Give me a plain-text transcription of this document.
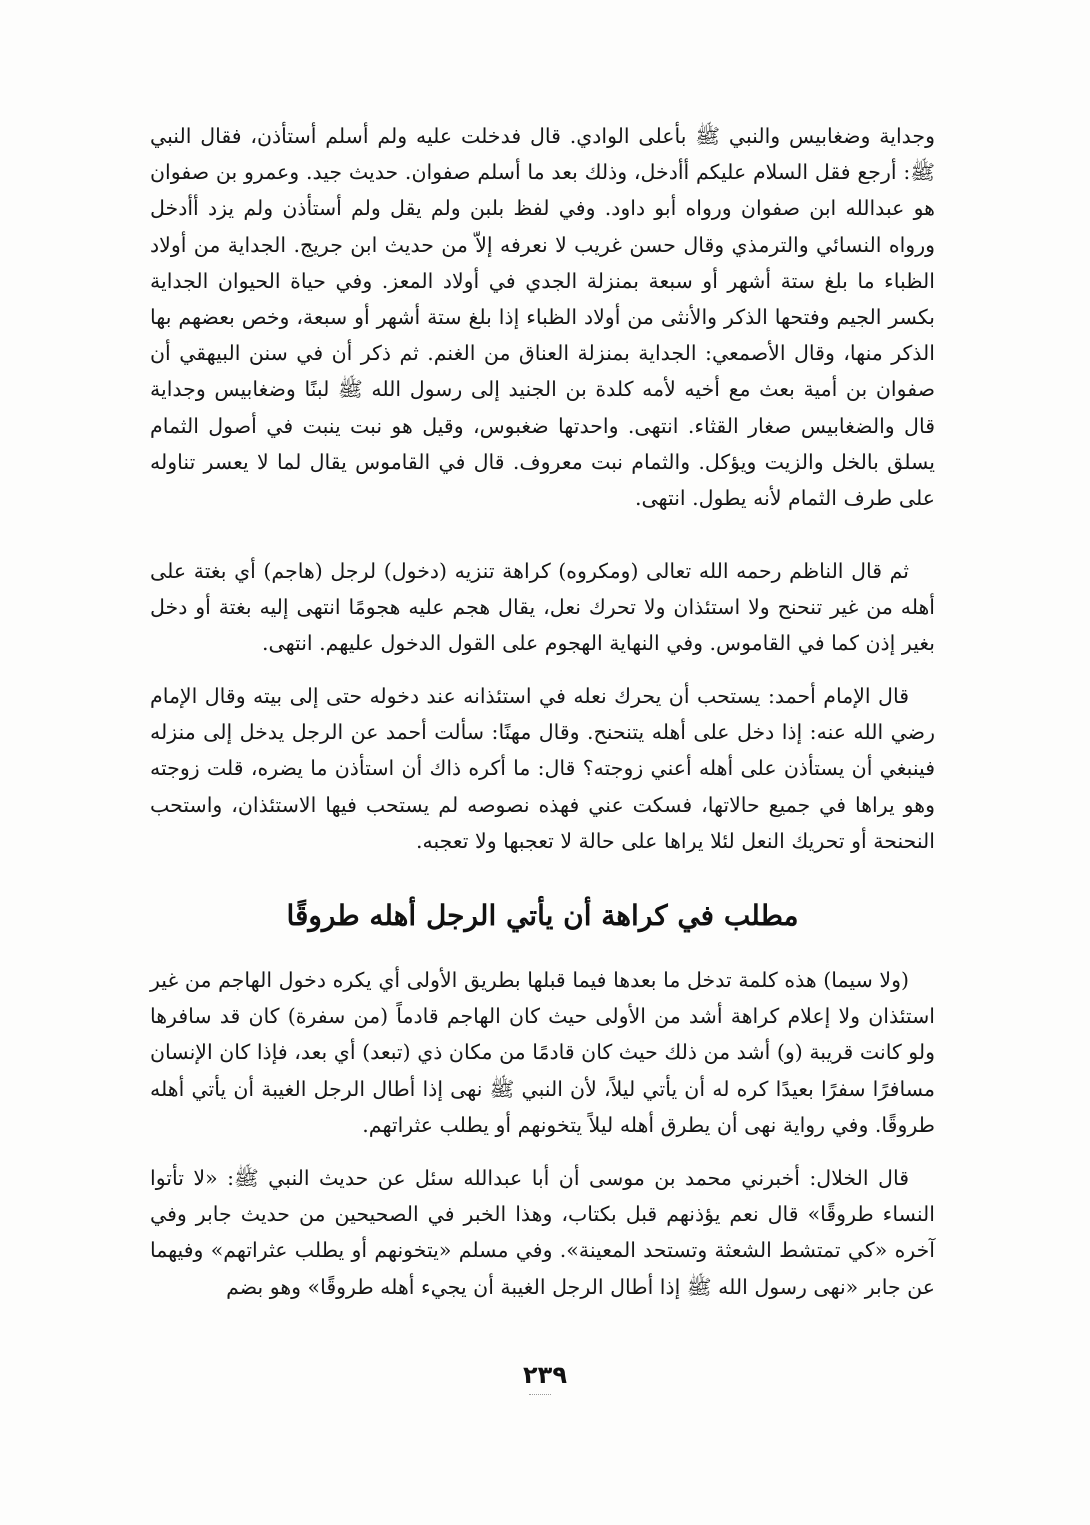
وجداية وضغابيس والنبي ﷺ بأعلى الوادي. قال فدخلت عليه ولم أسلم أستأذن، فقال النبي ﷺ: أرجع فقل السلام عليكم أأدخل، وذلك بعد ما أسلم صفوان. حديث جيد. وعمرو بن صفوان هو عبدالله ابن صفوان ورواه أبو داود. وفي لفظ بلبن ولم يقل ولم أستأذن ولم يزد أأدخل ورواه النسائي والترمذي وقال حسن غريب لا نعرفه إلاّ من حديث ابن جريج. الجداية من أولاد الظباء ما بلغ ستة أشهر أو سبعة بمنزلة الجدي في أولاد المعز. وفي حياة الحيوان الجداية بكسر الجيم وفتحها الذكر والأنثى من أولاد الظباء إذا بلغ ستة أشهر أو سبعة، وخص بعضهم بها الذكر منها، وقال الأصمعي: الجداية بمنزلة العناق من الغنم. ثم ذكر أن في سنن البيهقي أن صفوان بن أمية بعث مع أخيه لأمه كلدة بن الجنيد إلى رسول الله ﷺ لبنًا وضغابيس وجداية قال والضغابيس صغار القثاء. انتهى. واحدتها ضغبوس، وقيل هو نبت ينبت في أصول الثمام يسلق بالخل والزيت ويؤكل. والثمام نبت معروف. قال في القاموس يقال لما لا يعسر تناوله على طرف الثمام لأنه يطول. انتهى.

ثم قال الناظم رحمه الله تعالى (ومكروه) كراهة تنزيه (دخول) لرجل (هاجم) أي بغتة على أهله من غير تنحنح ولا استئذان ولا تحرك نعل، يقال هجم عليه هجومًا انتهى إليه بغتة أو دخل بغير إذن كما في القاموس. وفي النهاية الهجوم على القول الدخول عليهم. انتهى.

قال الإمام أحمد: يستحب أن يحرك نعله في استئذانه عند دخوله حتى إلى بيته وقال الإمام رضي الله عنه: إذا دخل على أهله يتنحنح. وقال مهنًا: سألت أحمد عن الرجل يدخل إلى منزله فينبغي أن يستأذن على أهله أعني زوجته؟ قال: ما أكره ذاك أن استأذن ما يضره، قلت زوجته وهو يراها في جميع حالاتها، فسكت عني فهذه نصوصه لم يستحب فيها الاستئذان، واستحب النحنحة أو تحريك النعل لئلا يراها على حالة لا تعجبها ولا تعجبه.

مطلب في كراهة أن يأتي الرجل أهله طروقًا

(ولا سيما) هذه كلمة تدخل ما بعدها فيما قبلها بطريق الأولى أي يكره دخول الهاجم من غير استئذان ولا إعلام كراهة أشد من الأولى حيث كان الهاجم قادماً (من سفرة) كان قد سافرها ولو كانت قريبة (و) أشد من ذلك حيث كان قادمًا من مكان ذي (تبعد) أي بعد، فإذا كان الإنسان مسافرًا سفرًا بعيدًا كره له أن يأتي ليلاً، لأن النبي ﷺ نهى إذا أطال الرجل الغيبة أن يأتي أهله طروقًا. وفي رواية نهى أن يطرق أهله ليلاً يتخونهم أو يطلب عثراتهم.

قال الخلال: أخبرني محمد بن موسى أن أبا عبدالله سئل عن حديث النبي ﷺ: «لا تأتوا النساء طروقًا» قال نعم يؤذنهم قبل بكتاب، وهذا الخبر في الصحيحين من حديث جابر وفي آخره «كي تمتشط الشعثة وتستحد المعينة». وفي مسلم «يتخونهم أو يطلب عثراتهم» وفيهما عن جابر «نهى رسول الله ﷺ إذا أطال الرجل الغيبة أن يجيء أهله طروقًا» وهو بضم

٢٣٩
